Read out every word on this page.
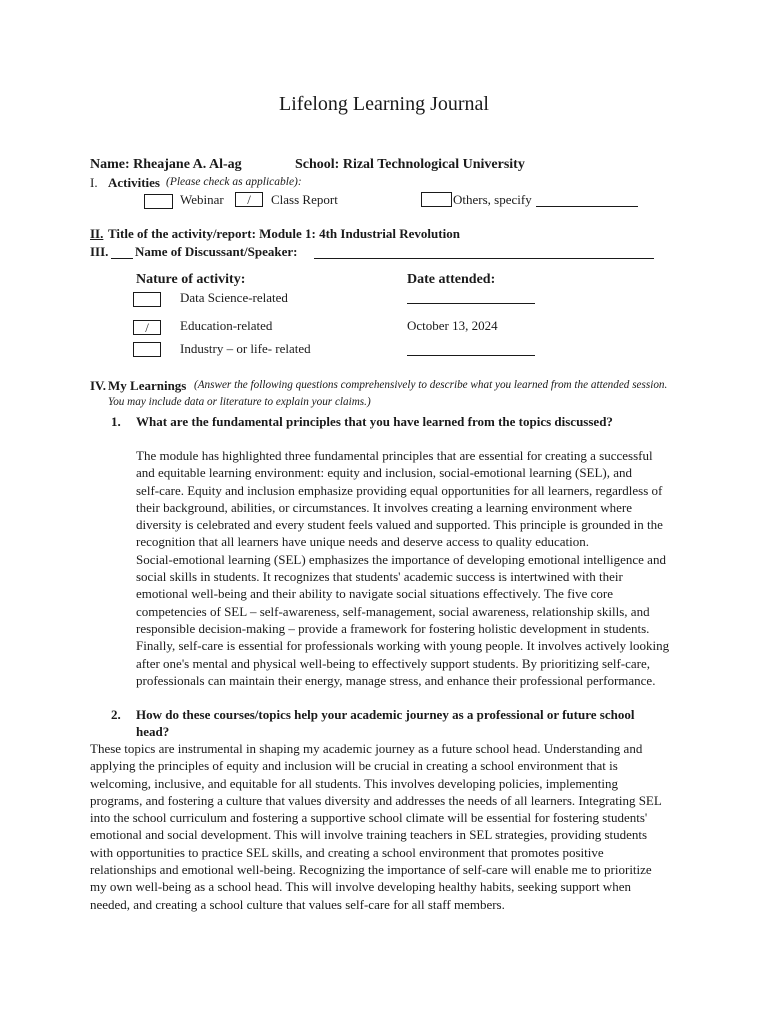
Lifelong Learning Journal
Name: Rheajane A. Al-ag	School: Rizal Technological University
I. Activities (Please check as applicable):
Webinar	/	Class Report	Others, specify
II. Title of the activity/report: Module 1: 4th Industrial Revolution
III. Name of Discussant/Speaker:
Nature of activity:	Date attended:
Data Science-related
/	Education-related	October 13, 2024
Industry – or life- related
IV. My Learnings (Answer the following questions comprehensively to describe what you learned from the attended session.
You may include data or literature to explain your claims.)
1. What are the fundamental principles that you have learned from the topics discussed?
The module has highlighted three fundamental principles that are essential for creating a successful
and equitable learning environment: equity and inclusion, social-emotional learning (SEL), and
self-care. Equity and inclusion emphasize providing equal opportunities for all learners, regardless of
their background, abilities, or circumstances. It involves creating a learning environment where
diversity is celebrated and every student feels valued and supported. This principle is grounded in the
recognition that all learners have unique needs and deserve access to quality education.
Social-emotional learning (SEL) emphasizes the importance of developing emotional intelligence and
social skills in students. It recognizes that students' academic success is intertwined with their
emotional well-being and their ability to navigate social situations effectively. The five core
competencies of SEL – self-awareness, self-management, social awareness, relationship skills, and
responsible decision-making – provide a framework for fostering holistic development in students.
Finally, self-care is essential for professionals working with young people. It involves actively looking
after one's mental and physical well-being to effectively support students. By prioritizing self-care,
professionals can maintain their energy, manage stress, and enhance their professional performance.
2. How do these courses/topics help your academic journey as a professional or future school
head?
These topics are instrumental in shaping my academic journey as a future school head. Understanding and
applying the principles of equity and inclusion will be crucial in creating a school environment that is
welcoming, inclusive, and equitable for all students. This involves developing policies, implementing
programs, and fostering a culture that values diversity and addresses the needs of all learners. Integrating SEL
into the school curriculum and fostering a supportive school climate will be essential for fostering students'
emotional and social development. This will involve training teachers in SEL strategies, providing students
with opportunities to practice SEL skills, and creating a school environment that promotes positive
relationships and emotional well-being. Recognizing the importance of self-care will enable me to prioritize
my own well-being as a school head. This will involve developing healthy habits, seeking support when
needed, and creating a school culture that values self-care for all staff members.
